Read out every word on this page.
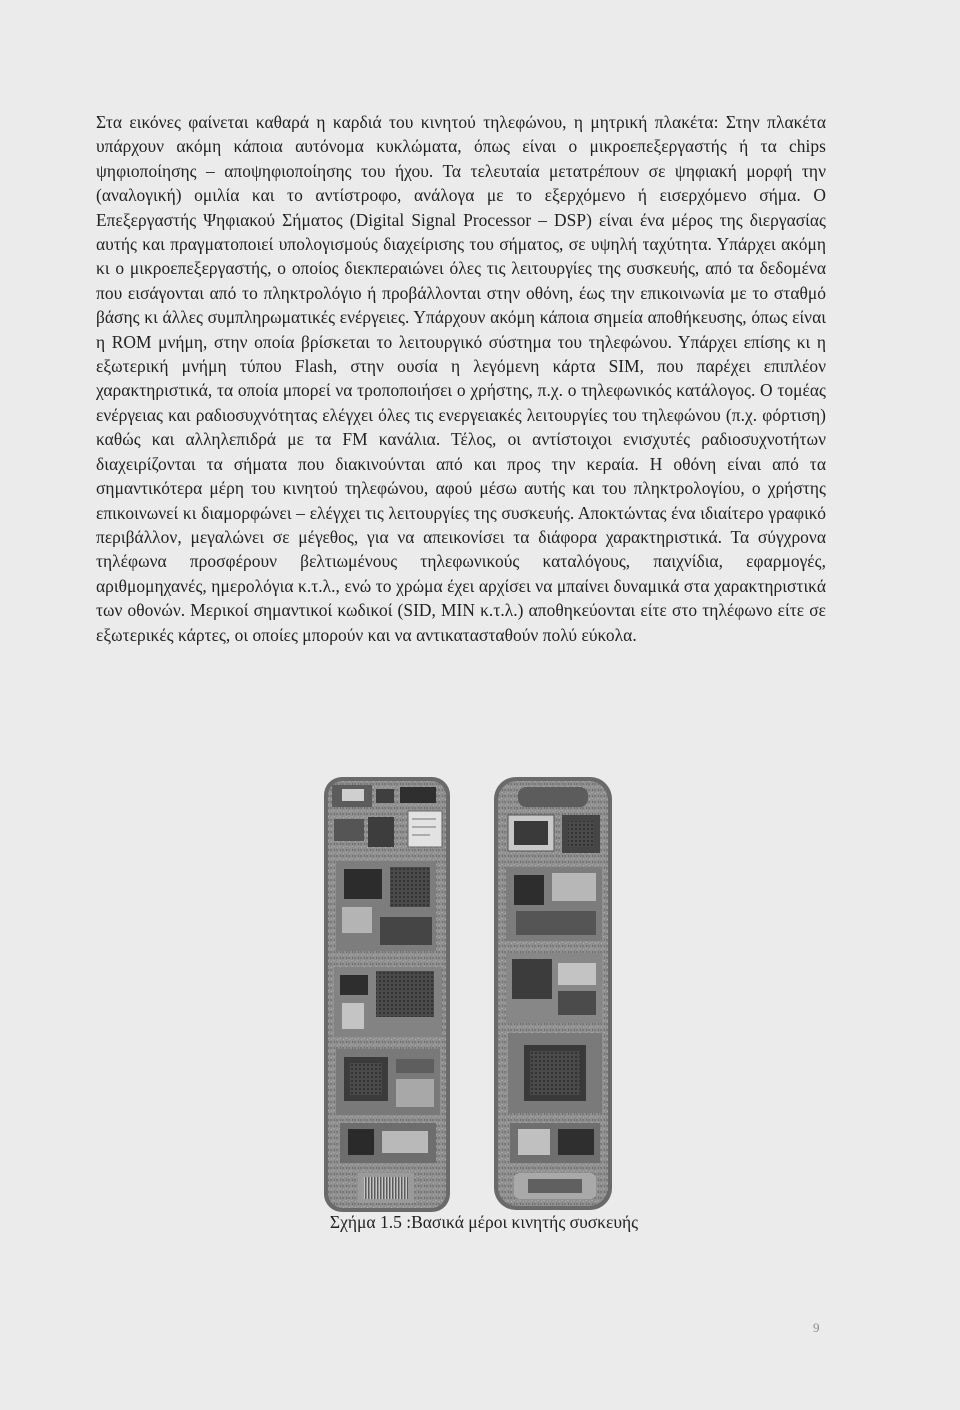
Στα εικόνες φαίνεται καθαρά η καρδιά του κινητού τηλεφώνου, η μητρική πλακέτα: Στην πλακέτα υπάρχουν ακόμη κάποια αυτόνομα κυκλώματα, όπως είναι ο μικροεπεξεργαστής ή τα chips ψηφιοποίησης – αποψηφιοποίησης του ήχου. Τα τελευταία μετατρέπουν σε ψηφιακή μορφή την (αναλογική) ομιλία και το αντίστροφο, ανάλογα με το εξερχόμενο ή εισερχόμενο σήμα. Ο Επεξεργαστής Ψηφιακού Σήματος (Digital Signal Processor – DSP) είναι ένα μέρος της διεργασίας αυτής και πραγματοποιεί υπολογισμούς διαχείρισης του σήματος, σε υψηλή ταχύτητα. Υπάρχει ακόμη κι ο μικροεπεξεργαστής, ο οποίος διεκπεραιώνει όλες τις λειτουργίες της συσκευής, από τα δεδομένα που εισάγονται από το πληκτρολόγιο ή προβάλλονται στην οθόνη, έως την επικοινωνία με το σταθμό βάσης κι άλλες συμπληρωματικές ενέργειες. Υπάρχουν ακόμη κάποια σημεία αποθήκευσης, όπως είναι η ROM μνήμη, στην οποία βρίσκεται το λειτουργικό σύστημα του τηλεφώνου. Υπάρχει επίσης κι η εξωτερική μνήμη τύπου Flash, στην ουσία η λεγόμενη κάρτα SIM, που παρέχει επιπλέον χαρακτηριστικά, τα οποία μπορεί να τροποποιήσει ο χρήστης, π.χ. ο τηλεφωνικός κατάλογος. Ο τομέας ενέργειας και ραδιοσυχνότητας ελέγχει όλες τις ενεργειακές λειτουργίες του τηλεφώνου (π.χ. φόρτιση) καθώς και αλληλεπιδρά με τα FM κανάλια. Τέλος, οι αντίστοιχοι ενισχυτές ραδιοσυχνοτήτων διαχειρίζονται τα σήματα που διακινούνται από και προς την κεραία. Η οθόνη είναι από τα σημαντικότερα μέρη του κινητού τηλεφώνου, αφού μέσω αυτής και του πληκτρολογίου, ο χρήστης επικοινωνεί κι διαμορφώνει – ελέγχει τις λειτουργίες της συσκευής. Αποκτώντας ένα ιδιαίτερο γραφικό περιβάλλον, μεγαλώνει σε μέγεθος, για να απεικονίσει τα διάφορα χαρακτηριστικά. Τα σύγχρονα τηλέφωνα προσφέρουν βελτιωμένους τηλεφωνικούς καταλόγους, παιχνίδια, εφαρμογές, αριθμομηχανές, ημερολόγια κ.τ.λ., ενώ το χρώμα έχει αρχίσει να μπαίνει δυναμικά στα χαρακτηριστικά των οθονών. Μερικοί σημαντικοί κωδικοί (SID, MIN κ.τ.λ.) αποθηκεύονται είτε στο τηλέφωνο είτε σε εξωτερικές κάρτες, οι οποίες μπορούν και να αντικατασταθούν πολύ εύκολα.

Σχήμα 1.5 :Βασικά μέροι κινητής συσκευής
9
